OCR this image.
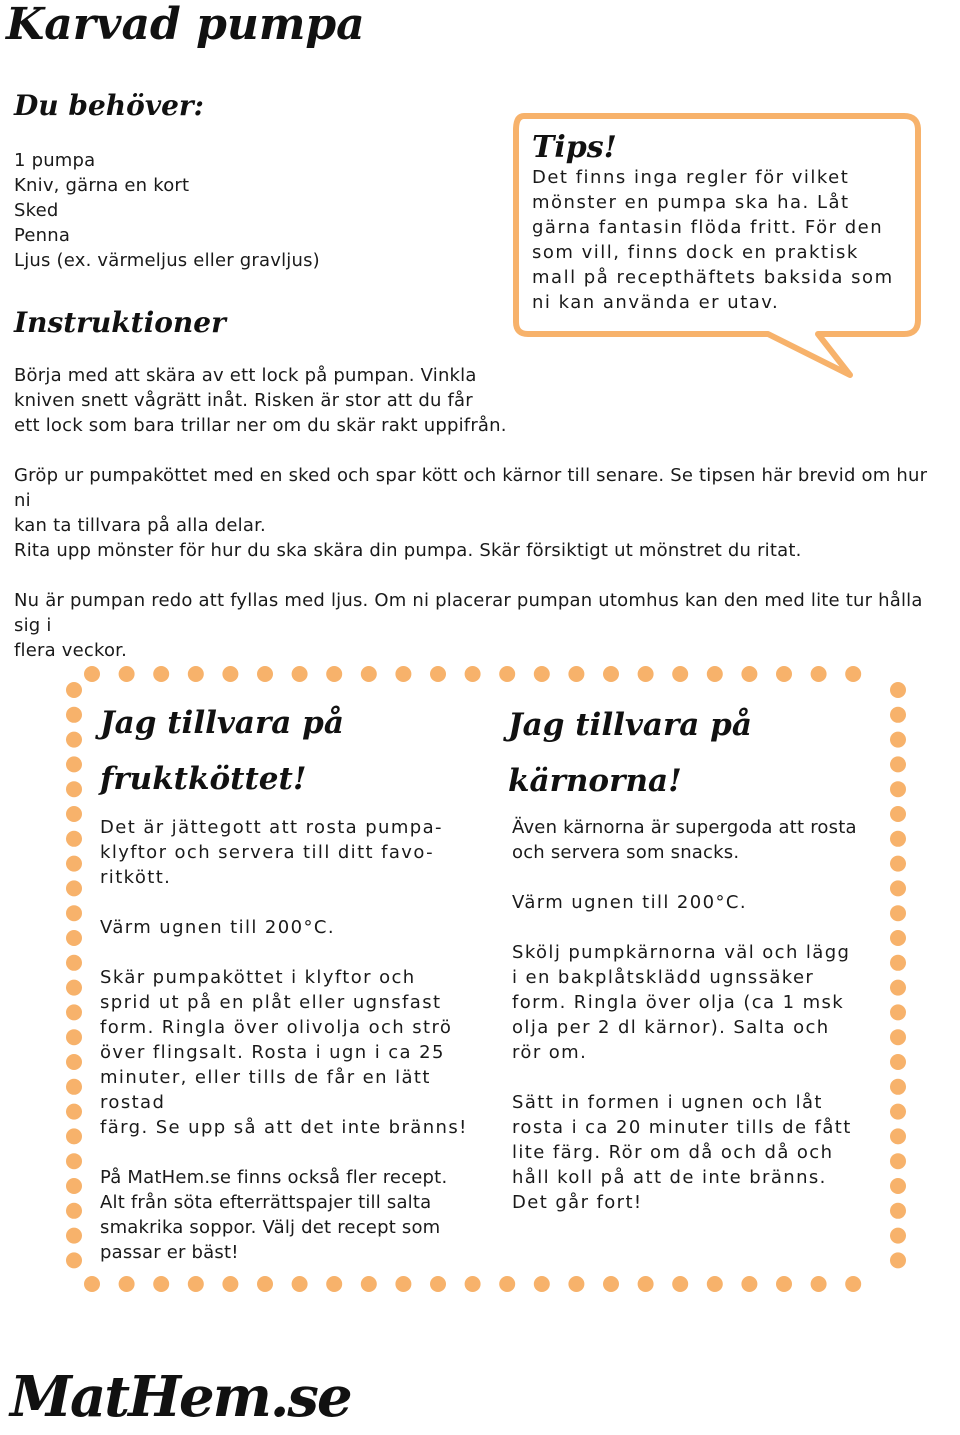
Karvad pumpa
Du behöver:
1 pumpa
Kniv, gärna en kort
Sked
Penna
Ljus (ex. värmeljus eller gravljus)
Instruktioner
Börja med att skära av ett lock på pumpan. Vinkla
kniven snett vågrätt inåt. Risken är stor att du får
ett lock som bara trillar ner om du skär rakt uppifrån.
Gröp ur pumpaköttet med en sked och spar kött och kärnor till senare. Se tipsen här brevid om hur ni
kan ta tillvara på alla delar.
Rita upp mönster för hur du ska skära din pumpa. Skär försiktigt ut mönstret du ritat.
Nu är pumpan redo att fyllas med ljus. Om ni placerar pumpan utomhus kan den med lite tur hålla sig i
flera veckor.
Tips!
Det finns inga regler för vilket
mönster en pumpa ska ha. Låt
gärna fantasin flöda fritt. För den
som vill, finns dock en praktisk
mall på recepthäftets baksida som
ni kan använda er utav.
Jag tillvara på
fruktköttet!
Det är jättegott att rosta pumpa-
klyftor och servera till ditt favo-
ritkött.
Värm ugnen till 200°C.
Skär pumpaköttet i klyftor och
sprid ut på en plåt eller ugnsfast
form. Ringla över olivolja och strö
över flingsalt. Rosta i ugn i ca 25
minuter, eller tills de får en lätt rostad
färg. Se upp så att det inte bränns!
På MatHem.se finns också fler recept.
Alt från söta efterrättspajer till salta
smakrika soppor. Välj det recept som
passar er bäst!
Jag tillvara på
kärnorna!
Även kärnorna är supergoda att rosta
och servera som snacks.
Värm ugnen till 200°C.
Skölj pumpkärnorna väl och lägg
i en bakplåtsklädd ugnssäker
form. Ringla över olja (ca 1 msk
olja per 2 dl kärnor). Salta och
rör om.
Sätt in formen i ugnen och låt
rosta i ca 20 minuter tills de fått
lite färg. Rör om då och då och
håll koll på att de inte bränns.
Det går fort!
MatHem.se
